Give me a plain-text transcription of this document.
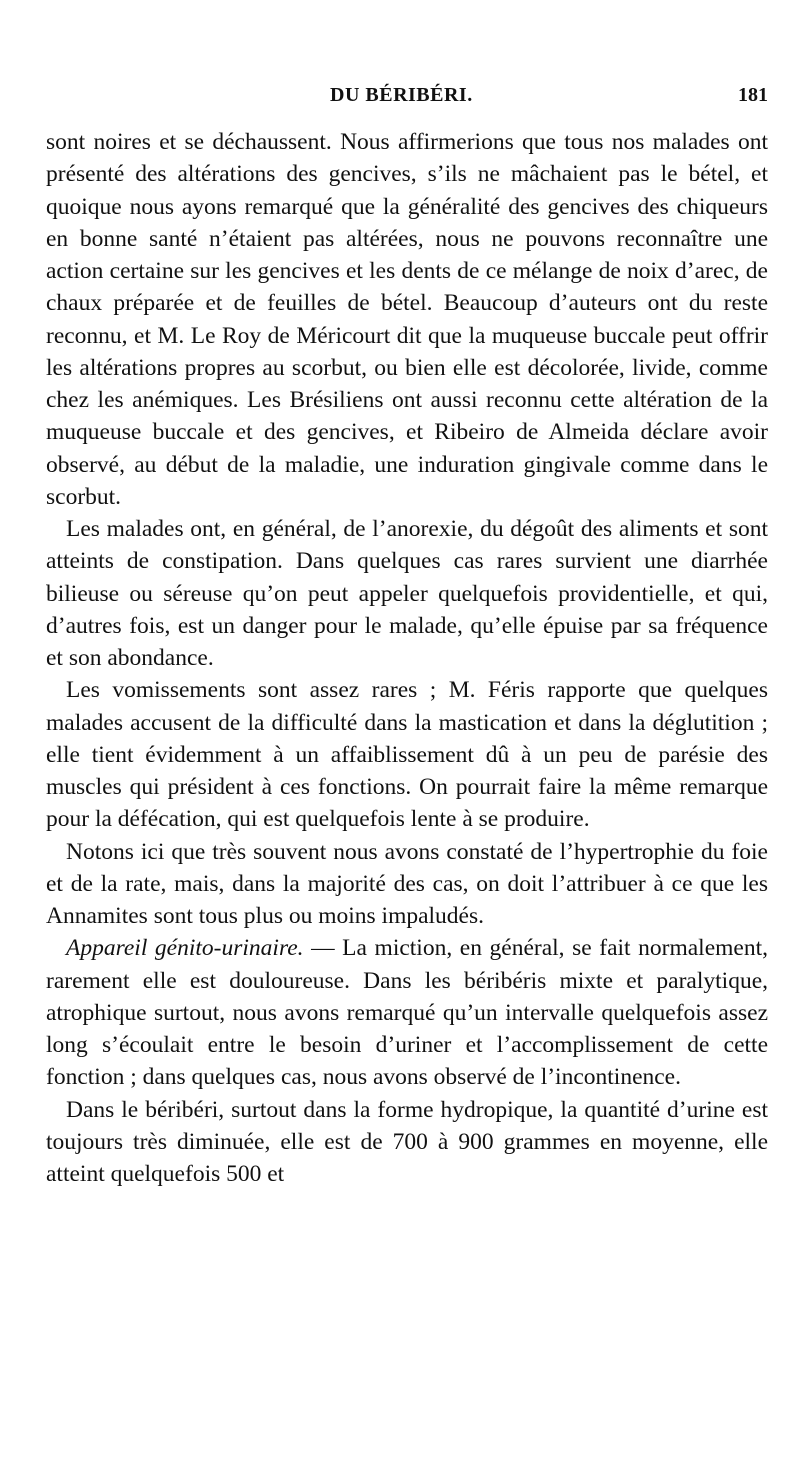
DU BÉRIBÉRI.	181

sont noires et se déchaussent. Nous affirmerions que tous nos malades ont présenté des altérations des gencives, s’ils ne mâchaient pas le bétel, et quoique nous ayons remarqué que la généralité des gencives des chiqueurs en bonne santé n’étaient pas altérées, nous ne pouvons reconnaître une action certaine sur les gencives et les dents de ce mélange de noix d’arec, de chaux préparée et de feuilles de bétel. Beaucoup d’auteurs ont du reste reconnu, et M. Le Roy de Méricourt dit que la muqueuse buccale peut offrir les altérations propres au scorbut, ou bien elle est décolorée, livide, comme chez les anémiques. Les Brésiliens ont aussi reconnu cette altération de la muqueuse buccale et des gencives, et Ribeiro de Almeida déclare avoir observé, au début de la maladie, une induration gingivale comme dans le scorbut.

Les malades ont, en général, de l’anorexie, du dégoût des aliments et sont atteints de constipation. Dans quelques cas rares survient une diarrhée bilieuse ou séreuse qu’on peut appeler quelquefois providentielle, et qui, d’autres fois, est un danger pour le malade, qu’elle épuise par sa fréquence et son abondance.

Les vomissements sont assez rares ; M. Féris rapporte que quelques malades accusent de la difficulté dans la mastication et dans la déglutition ; elle tient évidemment à un affaiblissement dû à un peu de parésie des muscles qui président à ces fonctions. On pourrait faire la même remarque pour la défécation, qui est quelquefois lente à se produire.

Notons ici que très souvent nous avons constaté de l’hypertrophie du foie et de la rate, mais, dans la majorité des cas, on doit l’attribuer à ce que les Annamites sont tous plus ou moins impaludés.

Appareil génito-urinaire. — La miction, en général, se fait normalement, rarement elle est douloureuse. Dans les béribéris mixte et paralytique, atrophique surtout, nous avons remarqué qu’un intervalle quelquefois assez long s’écoulait entre le besoin d’uriner et l’accomplissement de cette fonction ; dans quelques cas, nous avons observé de l’incontinence.

Dans le béribéri, surtout dans la forme hydropique, la quantité d’urine est toujours très diminuée, elle est de 700 à 900 grammes en moyenne, elle atteint quelquefois 500 et
